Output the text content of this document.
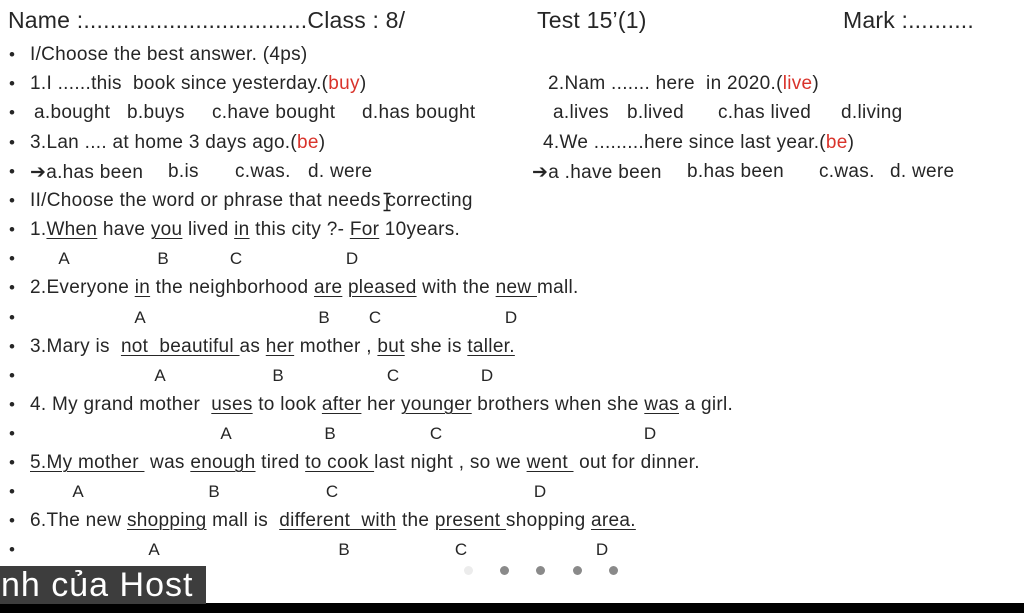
Name :..................................Class : 8/	Test 15’(1)	Mark :..........
•
•
•
•
•
•
•
•
•
•
•
•
•
•
•
•
•
•
I/Choose the best answer. (4ps)
1.I ......this  book since yesterday.(buy)	2.Nam ....... here  in 2020.(live)
a.bought b.buys c.have bought d.has bought	a.lives b.lived c.has lived d.living
3.Lan .... at home 3 days ago.(be)	4.We .........here since last year.(be)
➔a.has been b.is c.was. d. were	➔a .have been b.has been c.was. d. were
II/Choose the word or phrase that needs correcting
1.When have you lived in this city ?- For 10years.
A	B	C	D
2.Everyone in the neighborhood are pleased with the new mall.
A	B C	D
3.Mary is  not  beautiful as her mother , but she is taller.
A	B	C	D
4. My grand mother  uses to look after her younger brothers when she was a girl.
A	B	C	D
5.My mother  was enough tired to cook last night , so we went  out for dinner.
A	B	C	D
6.The new shopping mall is  different  with the present shopping area.
A	B	C	D
nh của Host
